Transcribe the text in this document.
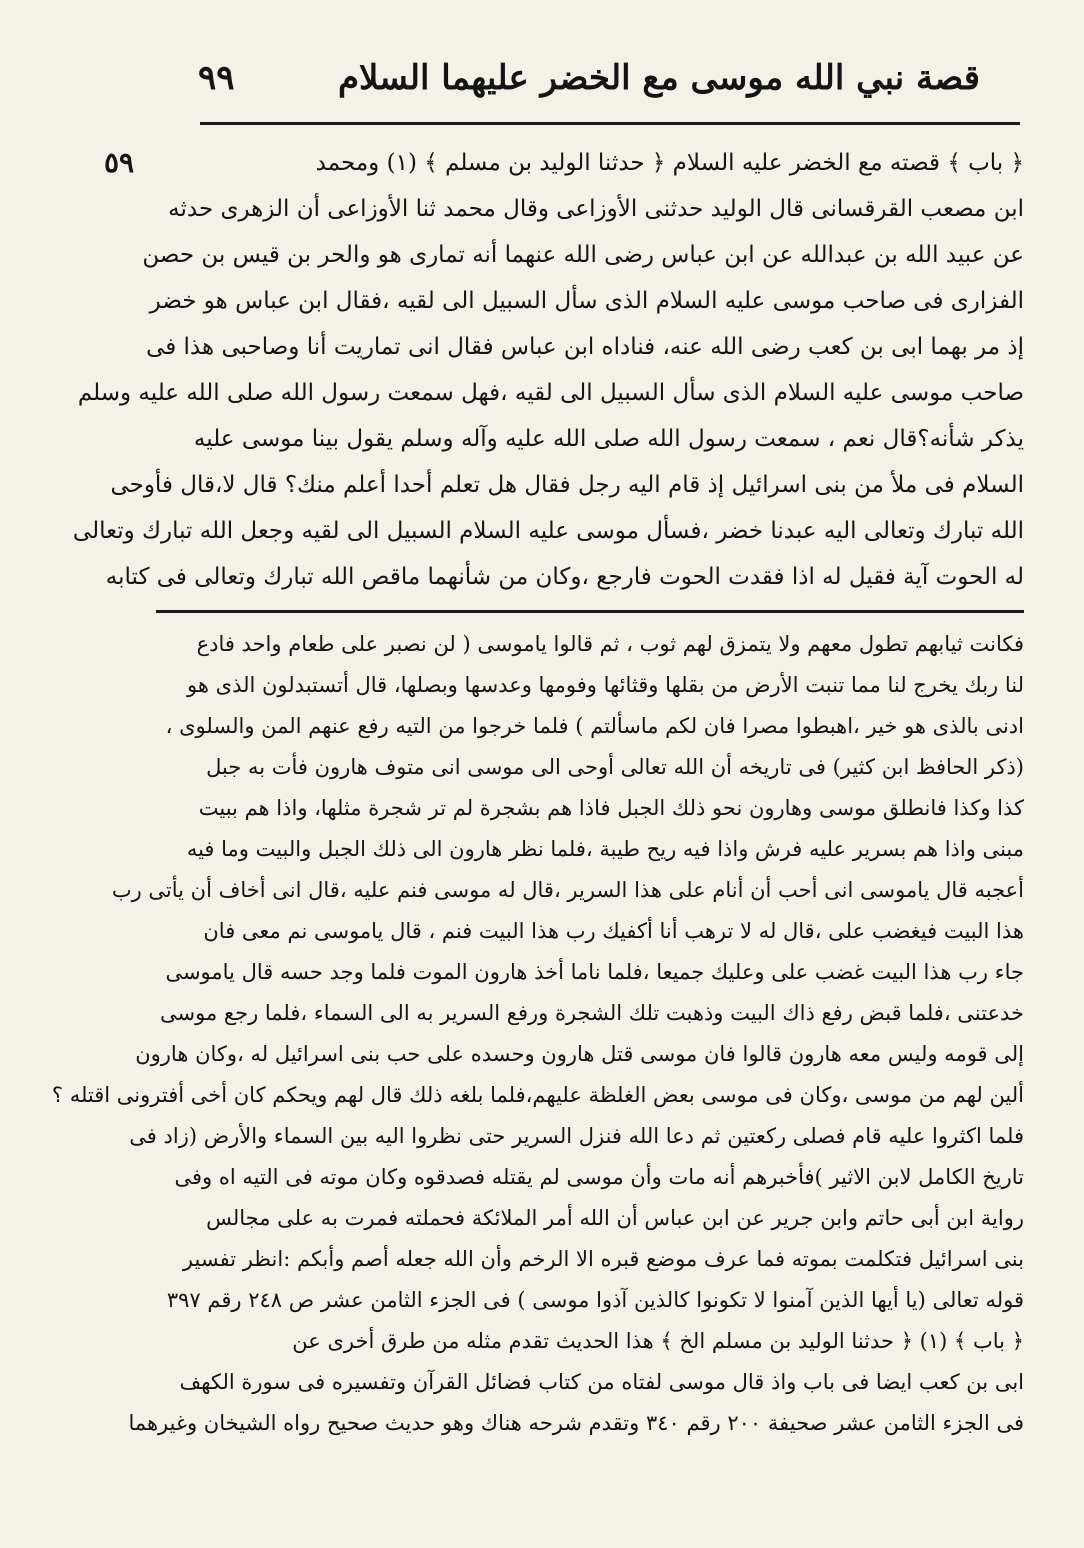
٩٩	قصة نبي الله موسى مع الخضر عليهما السلام
٥٩	﴿ باب ﴾ قصته مع الخضر عليه السلام ﴿ حدثنا الوليد بن مسلم ﴾ (١) ومحمد
ابن مصعب القرقسانى قال الوليد حدثنى الأوزاعى وقال محمد ثنا الأوزاعى أن الزهرى حدثه
عن عبيد الله بن عبدالله عن ابن عباس رضى الله عنهما أنه تمارى هو والحر بن قيس بن حصن
الفزارى فى صاحب موسى عليه السلام الذى سأل السبيل الى لقيه ،فقال ابن عباس هو خضر
إذ مر بهما ابى بن كعب رضى الله عنه، فناداه ابن عباس فقال انى تماريت أنا وصاحبى هذا فى
صاحب موسى عليه السلام الذى سأل السبيل الى لقيه ،فهل سمعت رسول الله صلى الله عليه وسلم
يذكر شأنه؟قال نعم ، سمعت رسول الله صلى الله عليه وآله وسلم يقول بينا موسى عليه
السلام فى ملأ من بنى اسرائيل إذ قام اليه رجل فقال هل تعلم أحدا أعلم منك؟ قال لا،قال فأوحى
الله تبارك وتعالى اليه عبدنا خضر ،فسأل موسى عليه السلام السبيل الى لقيه وجعل الله تبارك وتعالى
له الحوت آية فقيل له اذا فقدت الحوت فارجع ،وكان من شأنهما ماقص الله تبارك وتعالى فى كتابه
فكانت ثيابهم تطول معهم ولا يتمزق لهم ثوب ، ثم قالوا ياموسى ( لن نصبر على طعام واحد فادع
لنا ربك يخرج لنا مما تنبت الأرض من بقلها وقثائها وفومها وعدسها وبصلها، قال أتستبدلون الذى هو
ادنى بالذى هو خير ،اهبطوا مصرا فان لكم ماسألتم ) فلما خرجوا من التيه رفع عنهم المن والسلوى ،
(ذكر الحافظ ابن كثير) فى تاريخه أن الله تعالى أوحى الى موسى انى متوف هارون فأت به جبل
كذا وكذا فانطلق موسى وهارون نحو ذلك الجبل فاذا هم بشجرة لم تر شجرة مثلها، واذا هم ببيت
مبنى واذا هم بسرير عليه فرش واذا فيه ريح طيبة ،فلما نظر هارون الى ذلك الجبل والبيت وما فيه
أعجبه قال ياموسى انى أحب أن أنام على هذا السرير ،قال له موسى فنم عليه ،قال انى أخاف أن يأتى رب
هذا البيت فيغضب على ،قال له لا ترهب أنا أكفيك رب هذا البيت فنم ، قال ياموسى نم معى فان
جاء رب هذا البيت غضب على وعليك جميعا ،فلما ناما أخذ هارون الموت فلما وجد حسه قال ياموسى
خدعتنى ،فلما قبض رفع ذاك البيت وذهبت تلك الشجرة ورفع السرير به الى السماء ،فلما رجع موسى
إلى قومه وليس معه هارون قالوا فان موسى قتل هارون وحسده على حب بنى اسرائيل له ،وكان هارون
ألين لهم من موسى ،وكان فى موسى بعض الغلظة عليهم،فلما بلغه ذلك قال لهم ويحكم كان أخى أفترونى اقتله ؟
فلما اكثروا عليه قام فصلى ركعتين ثم دعا الله فنزل السرير حتى نظروا اليه بين السماء والأرض (زاد فى
تاريخ الكامل لابن الاثير )فأخبرهم أنه مات وأن موسى لم يقتله فصدقوه وكان موته فى التيه اه وفى
رواية ابن أبى حاتم وابن جرير عن ابن عباس أن الله أمر الملائكة فحملته فمرت به على مجالس
بنى اسرائيل فتكلمت بموته فما عرف موضع قبره الا الرخم وأن الله جعله أصم وأبكم :انظر تفسير
قوله تعالى (يا أيها الذين آمنوا لا تكونوا كالذين آذوا موسى ) فى الجزء الثامن عشر ص ٢٤٨ رقم ٣٩٧
﴿ باب ﴾ (١) ﴿ حدثنا الوليد بن مسلم الخ ﴾ هذا الحديث تقدم مثله من طرق أخرى عن
ابى بن كعب ايضا فى باب واذ قال موسى لفتاه من كتاب فضائل القرآن وتفسيره فى سورة الكهف
فى الجزء الثامن عشر صحيفة ٢٠٠ رقم ٣٤٠ وتقدم شرحه هناك وهو حديث صحيح رواه الشيخان وغيرهما
